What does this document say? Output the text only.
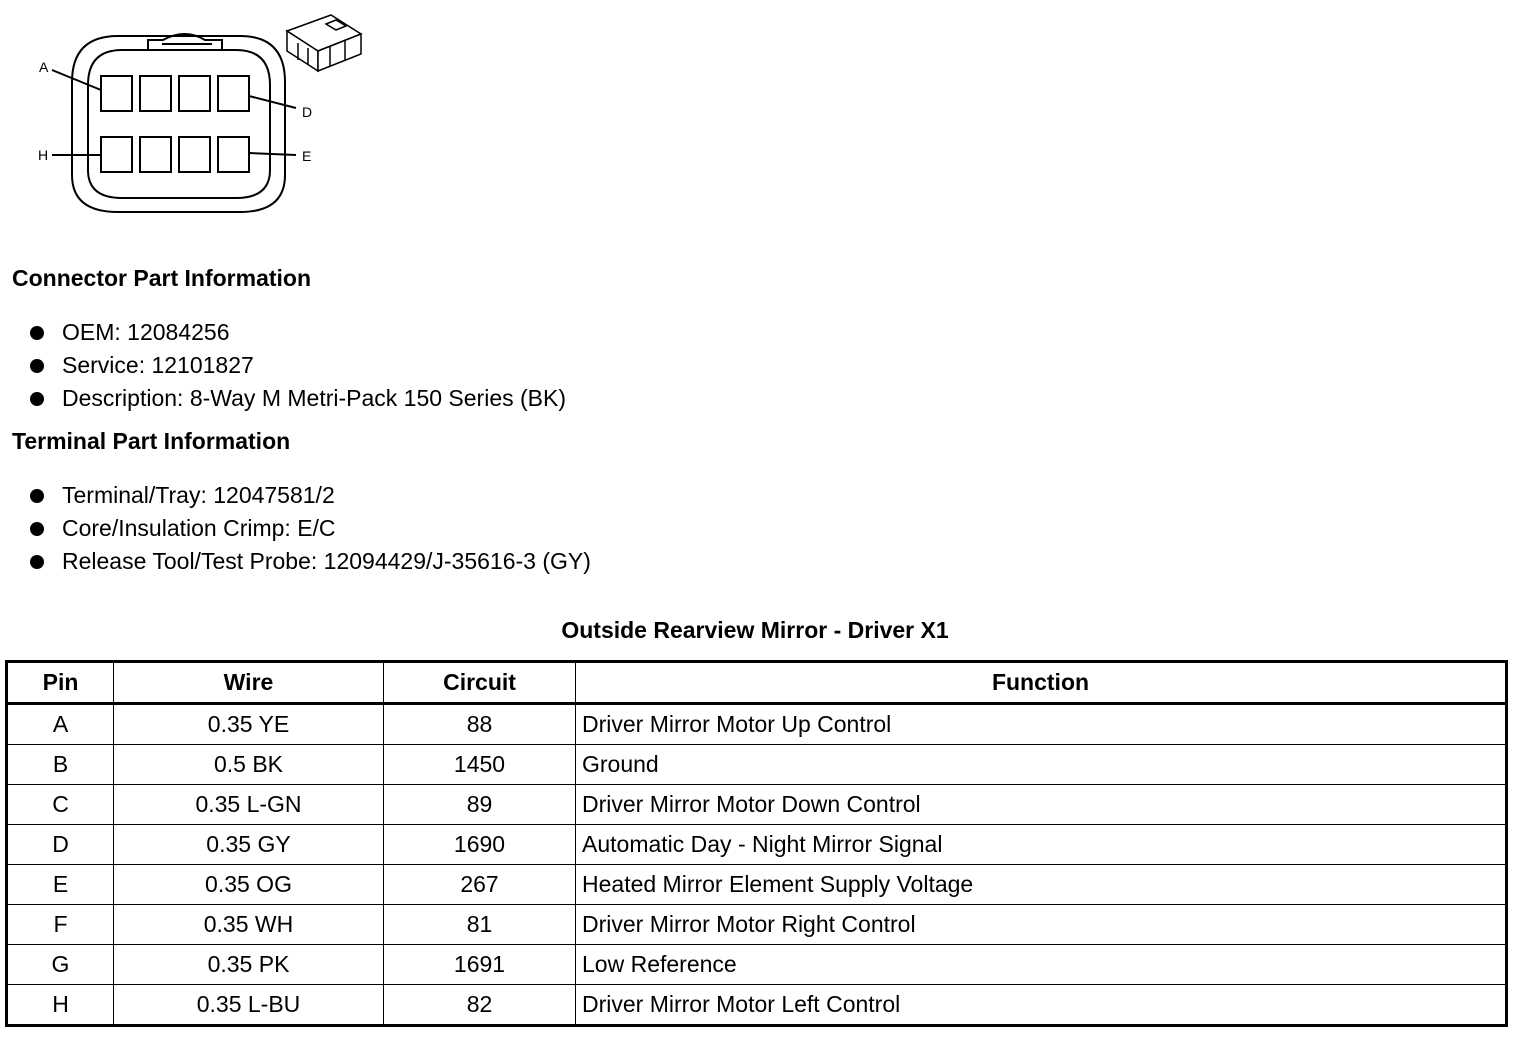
A
D
H	E
Connector Part Information
OEM: 12084256
Service: 12101827
Description: 8-Way M Metri-Pack 150 Series (BK)
Terminal Part Information
Terminal/Tray: 12047581/2
Core/Insulation Crimp: E/C
Release Tool/Test Probe: 12094429/J-35616-3 (GY)
Outside Rearview Mirror - Driver X1
Pin	Wire	Circuit	Function
A	0.35 YE	88	Driver Mirror Motor Up Control
B	0.5 BK	1450	Ground
C	0.35 L-GN	89	Driver Mirror Motor Down Control
D	0.35 GY	1690	Automatic Day - Night Mirror Signal
E	0.35 OG	267	Heated Mirror Element Supply Voltage
F	0.35 WH	81	Driver Mirror Motor Right Control
G	0.35 PK	1691	Low Reference
H	0.35 L-BU	82	Driver Mirror Motor Left Control
